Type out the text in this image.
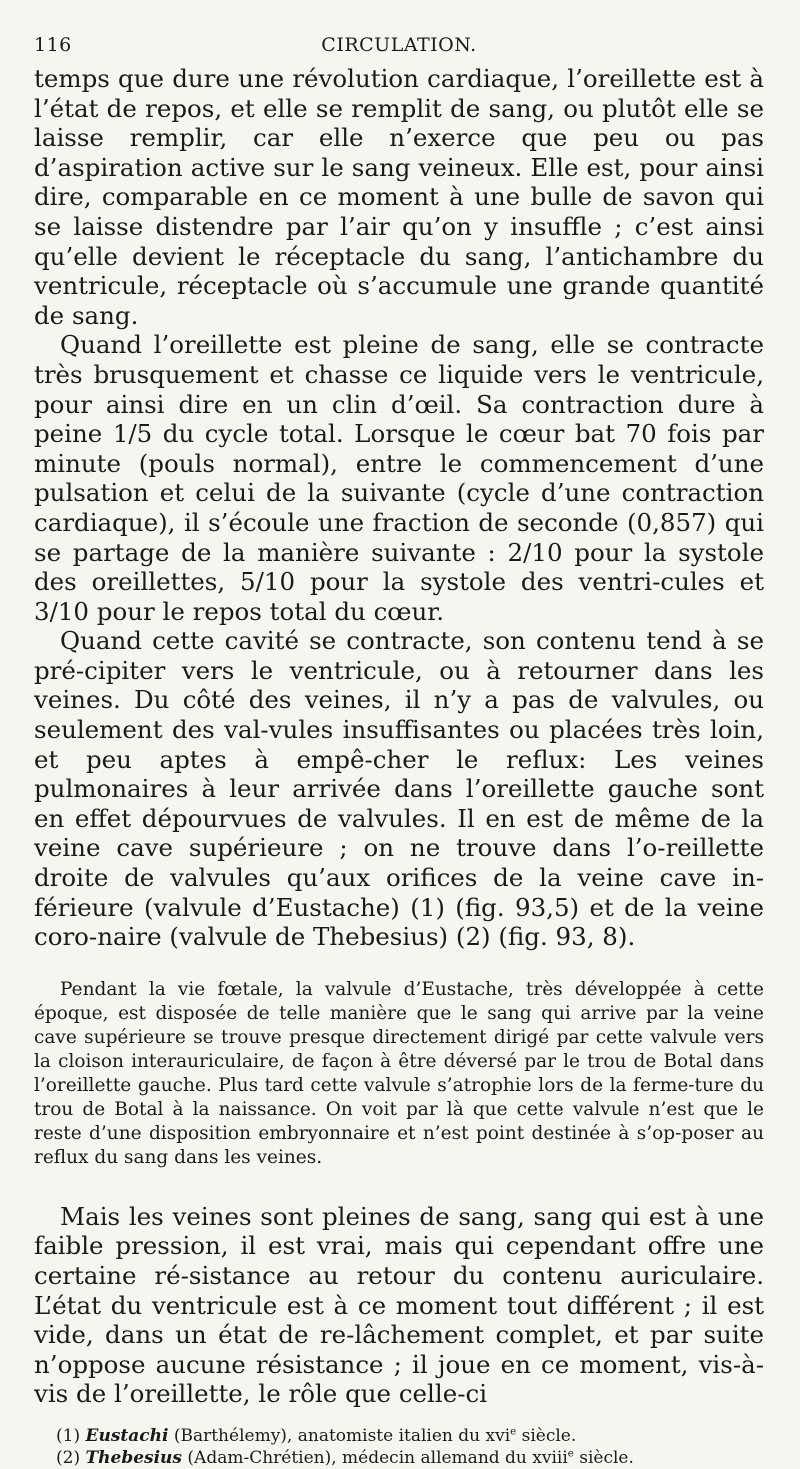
116	CIRCULATION.

temps que dure une révolution cardiaque, l’oreillette est à l’état de repos, et elle se remplit de sang, ou plutôt elle se laisse remplir, car elle n’exerce que peu ou pas d’aspiration active sur le sang veineux. Elle est, pour ainsi dire, comparable en ce moment à une bulle de savon qui se laisse distendre par l’air qu’on y insuffle ; c’est ainsi qu’elle devient le réceptacle du sang, l’antichambre du ventricule, réceptacle où s’accumule une grande quantité de sang.

Quand l’oreillette est pleine de sang, elle se contracte très brusquement et chasse ce liquide vers le ventricule, pour ainsi dire en un clin d’œil. Sa contraction dure à peine 1/5 du cycle total. Lorsque le cœur bat 70 fois par minute (pouls normal), entre le commencement d’une pulsation et celui de la suivante (cycle d’une contraction cardiaque), il s’écoule une fraction de seconde (0,857) qui se partage de la manière suivante : 2/10 pour la systole des oreillettes, 5/10 pour la systole des ventri-cules et 3/10 pour le repos total du cœur.

Quand cette cavité se contracte, son contenu tend à se pré-cipiter vers le ventricule, ou à retourner dans les veines. Du côté des veines, il n’y a pas de valvules, ou seulement des val-vules insuffisantes ou placées très loin, et peu aptes à empê-cher le reflux: Les veines pulmonaires à leur arrivée dans l’oreillette gauche sont en effet dépourvues de valvules. Il en est de même de la veine cave supérieure ; on ne trouve dans l’o-reillette droite de valvules qu’aux orifices de la veine cave in-férieure (valvule d’Eustache) (1) (fig. 93,5) et de la veine coro-naire (valvule de Thebesius) (2) (fig. 93, 8).

Pendant la vie fœtale, la valvule d’Eustache, très développée à cette époque, est disposée de telle manière que le sang qui arrive par la veine cave supérieure se trouve presque directement dirigé par cette valvule vers la cloison interauriculaire, de façon à être déversé par le trou de Botal dans l’oreillette gauche. Plus tard cette valvule s’atrophie lors de la ferme-ture du trou de Botal à la naissance. On voit par là que cette valvule n’est que le reste d’une disposition embryonnaire et n’est point destinée à s’op-poser au reflux du sang dans les veines.

Mais les veines sont pleines de sang, sang qui est à une faible pression, il est vrai, mais qui cependant offre une certaine ré-sistance au retour du contenu auriculaire. L’état du ventricule est à ce moment tout différent ; il est vide, dans un état de re-lâchement complet, et par suite n’oppose aucune résistance ; il joue en ce moment, vis-à-vis de l’oreillette, le rôle que celle-ci

(1) Eustachi (Barthélemy), anatomiste italien du xvi$^e$ siècle.
(2) Thebesius (Adam-Chrétien), médecin allemand du xviii$^e$ siècle.
